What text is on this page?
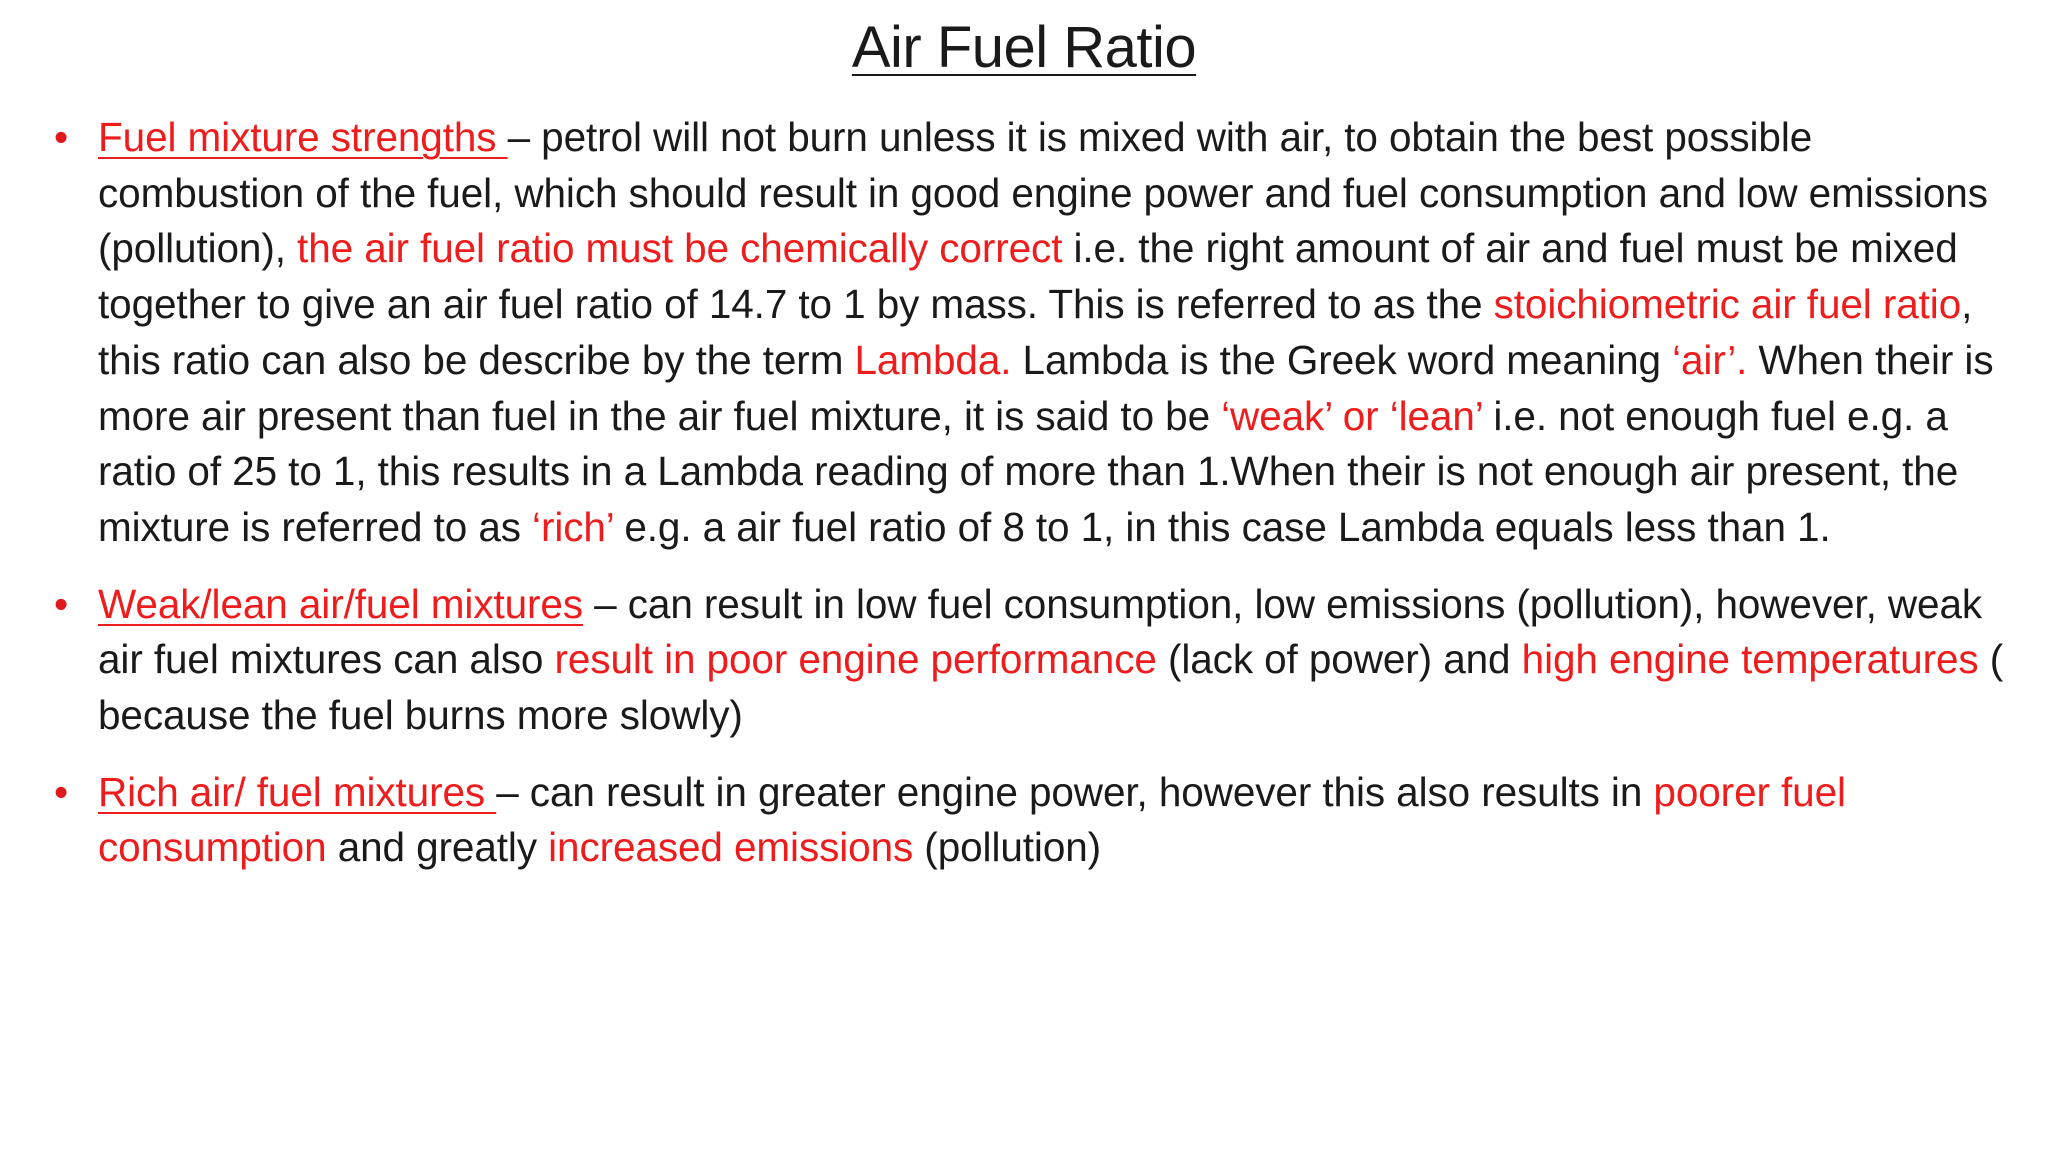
Air Fuel Ratio
• Fuel mixture strengths – petrol will not burn unless it is mixed with air, to obtain the best possible combustion of the fuel, which should result in good engine power and fuel consumption and low emissions (pollution), the air fuel ratio must be chemically correct i.e. the right amount of air and fuel must be mixed together to give an air fuel ratio of 14.7 to 1 by mass. This is referred to as the stoichiometric air fuel ratio, this ratio can also be describe by the term Lambda. Lambda is the Greek word meaning ‘air’. When their is more air present than fuel in the air fuel mixture, it is said to be ‘weak’ or ‘lean’ i.e. not enough fuel e.g. a ratio of 25 to 1, this results in a Lambda reading of more than 1.When their is not enough air present, the mixture is referred to as ‘rich’ e.g. a air fuel ratio of 8 to 1, in this case Lambda equals less than 1.
• Weak/lean air/fuel mixtures – can result in low fuel consumption, low emissions (pollution), however, weak air fuel mixtures can also result in poor engine performance (lack of power) and high engine temperatures ( because the fuel burns more slowly)
• Rich air/ fuel mixtures – can result in greater engine power, however this also results in poorer fuel consumption and greatly increased emissions (pollution)
